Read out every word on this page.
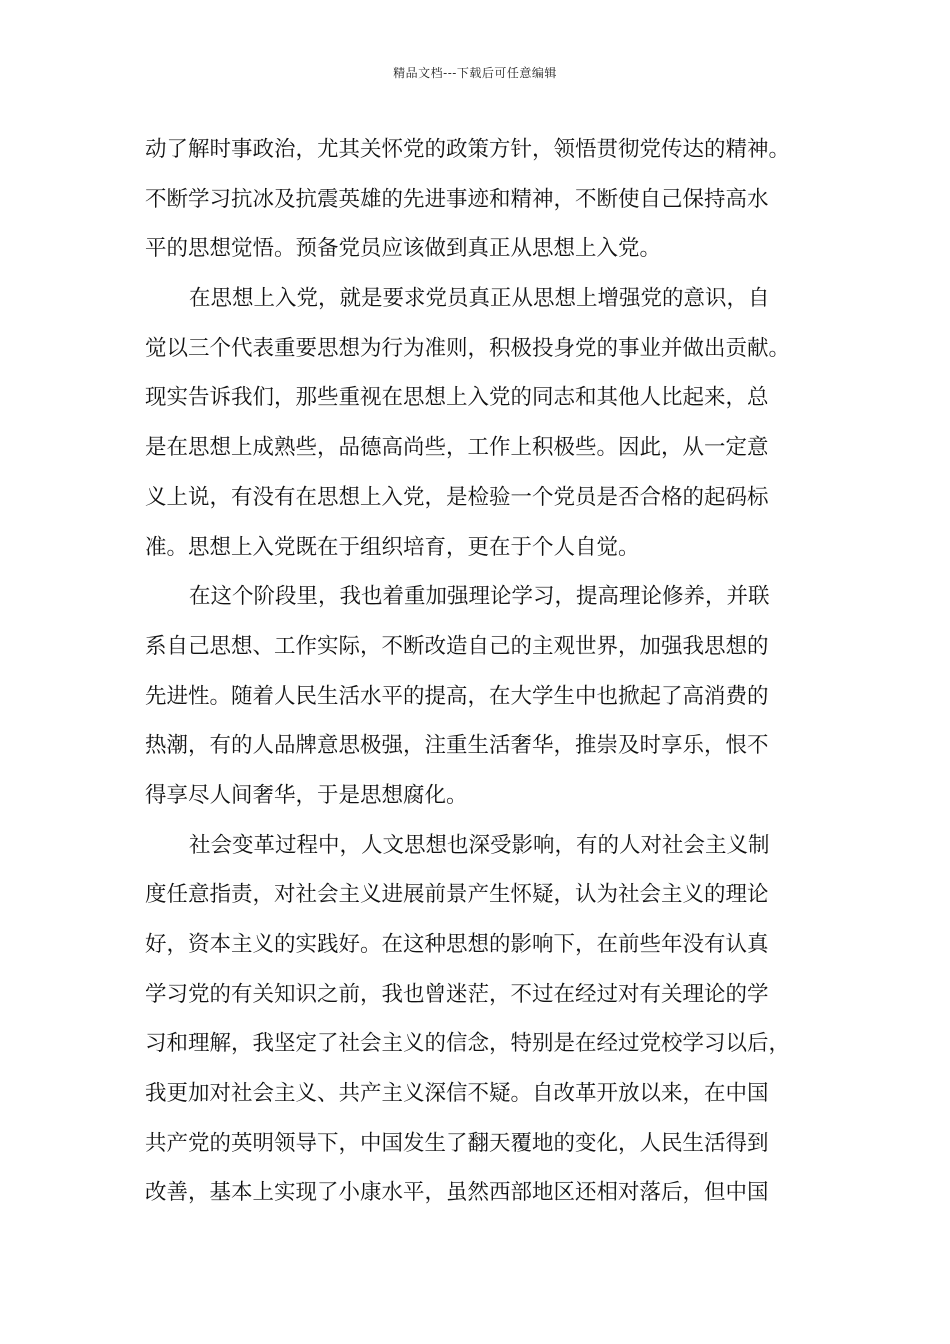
精品文档---下载后可任意编辑
动了解时事政治，尤其关怀党的政策方针，领悟贯彻党传达的精神。
不断学习抗冰及抗震英雄的先进事迹和精神，不断使自己保持高水
平的思想觉悟。预备党员应该做到真正从思想上入党。
在思想上入党，就是要求党员真正从思想上增强党的意识，自
觉以三个代表重要思想为行为准则，积极投身党的事业并做出贡献。
现实告诉我们，那些重视在思想上入党的同志和其他人比起来，总
是在思想上成熟些，品德高尚些，工作上积极些。因此，从一定意
义上说，有没有在思想上入党，是检验一个党员是否合格的起码标
准。思想上入党既在于组织培育，更在于个人自觉。
在这个阶段里，我也着重加强理论学习，提高理论修养，并联
系自己思想、工作实际，不断改造自己的主观世界，加强我思想的
先进性。随着人民生活水平的提高，在大学生中也掀起了高消费的
热潮，有的人品牌意思极强，注重生活奢华，推崇及时享乐，恨不
得享尽人间奢华，于是思想腐化。
社会变革过程中，人文思想也深受影响，有的人对社会主义制
度任意指责，对社会主义进展前景产生怀疑，认为社会主义的理论
好，资本主义的实践好。在这种思想的影响下，在前些年没有认真
学习党的有关知识之前，我也曾迷茫，不过在经过对有关理论的学
习和理解，我坚定了社会主义的信念，特别是在经过党校学习以后，
我更加对社会主义、共产主义深信不疑。自改革开放以来，在中国
共产党的英明领导下，中国发生了翻天覆地的变化，人民生活得到
改善，基本上实现了小康水平，虽然西部地区还相对落后，但中国
